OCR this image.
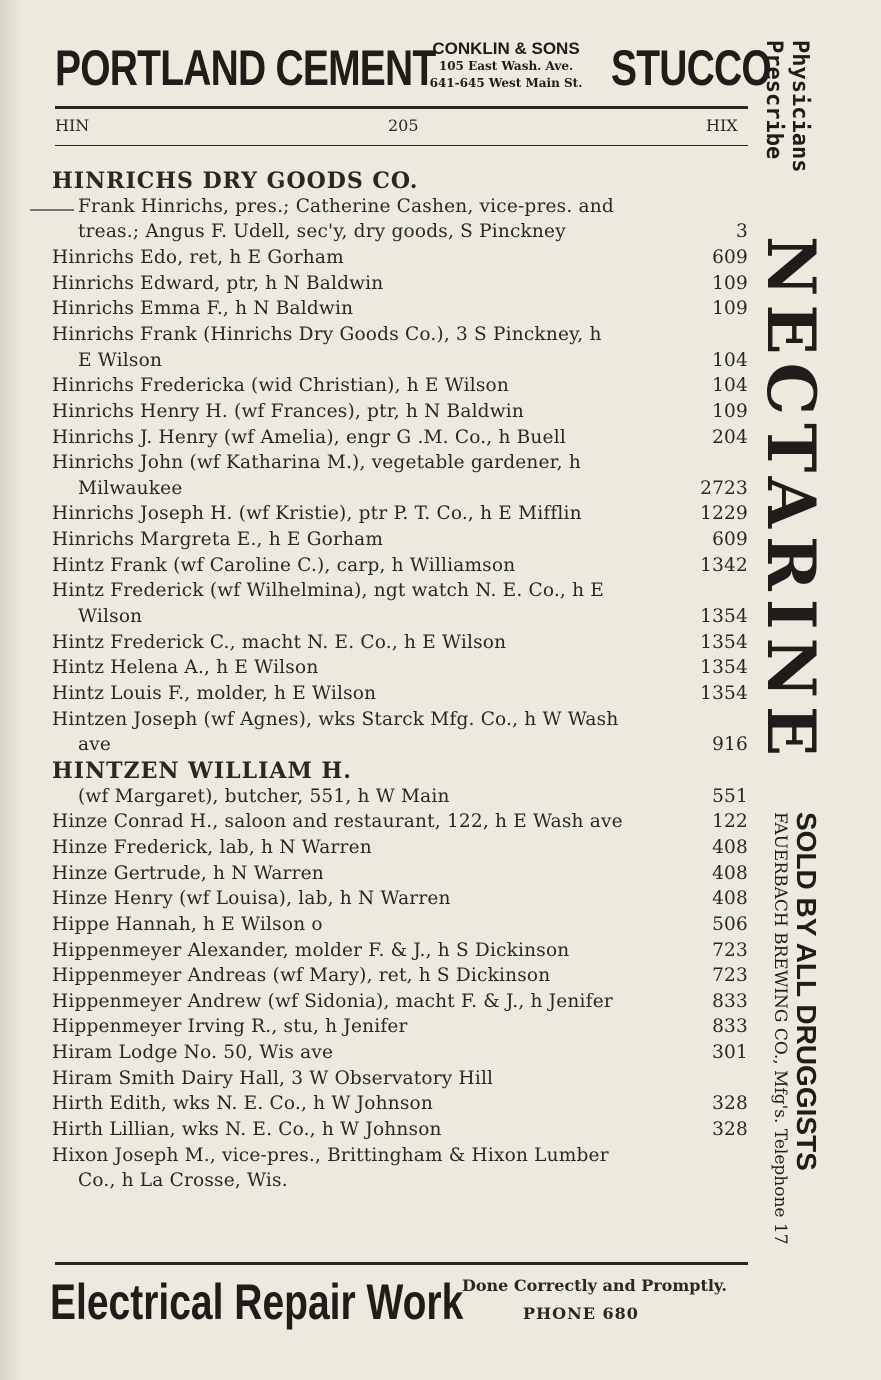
PORTLAND CEMENT
CONKLIN & SONS
105 East Wash. Ave.
641-645 West Main St. STUCCO
HIN	205	HIX
HINRICHS DRY GOODS CO.
Frank Hinrichs, pres.; Catherine Cashen, vice-pres. and
treas.; Angus F. Udell, sec'y, dry goods, S Pinckney	3
Hinrichs Edo, ret, h E Gorham	609
Hinrichs Edward, ptr, h N Baldwin	109
Hinrichs Emma F., h N Baldwin	109
Hinrichs Frank (Hinrichs Dry Goods Co.), 3 S Pinckney, h
E Wilson	104
Hinrichs Fredericka (wid Christian), h E Wilson	104
Hinrichs Henry H. (wf Frances), ptr, h N Baldwin	109
Hinrichs J. Henry (wf Amelia), engr G .M. Co., h Buell	204
Hinrichs John (wf Katharina M.), vegetable gardener, h
Milwaukee	2723
Hinrichs Joseph H. (wf Kristie), ptr P. T. Co., h E Mifflin	1229
Hinrichs Margreta E., h E Gorham	609
Hintz Frank (wf Caroline C.), carp, h Williamson	1342
Hintz Frederick (wf Wilhelmina), ngt watch N. E. Co., h E
Wilson	1354
Hintz Frederick C., macht N. E. Co., h E Wilson	1354
Hintz Helena A., h E Wilson	1354
Hintz Louis F., molder, h E Wilson	1354
Hintzen Joseph (wf Agnes), wks Starck Mfg. Co., h W Wash
ave	916
HINTZEN WILLIAM H.
(wf Margaret), butcher, 551, h W Main	551
Hinze Conrad H., saloon and restaurant, 122, h E Wash ave	122
Hinze Frederick, lab, h N Warren	408
Hinze Gertrude, h N Warren	408
Hinze Henry (wf Louisa), lab, h N Warren	408
Hippe Hannah, h E Wilson o	506
Hippenmeyer Alexander, molder F. & J., h S Dickinson	723
Hippenmeyer Andreas (wf Mary), ret, h S Dickinson	723
Hippenmeyer Andrew (wf Sidonia), macht F. & J., h Jenifer	833
Hippenmeyer Irving R., stu, h Jenifer	833
Hiram Lodge No. 50, Wis ave	301
Hiram Smith Dairy Hall, 3 W Observatory Hill
Hirth Edith, wks N. E. Co., h W Johnson	328
Hirth Lillian, wks N. E. Co., h W Johnson	328
Hixon Joseph M., vice-pres., Brittingham & Hixon Lumber
Co., h La Crosse, Wis.
Physicians
Prescribe
NECTARINE
SOLD BY ALL DRUGGISTS
FAUERBACH BREWING CO., Mfg's. Telephone 17
Electrical Repair Work
Done Correctly and Promptly.
PHONE 680
